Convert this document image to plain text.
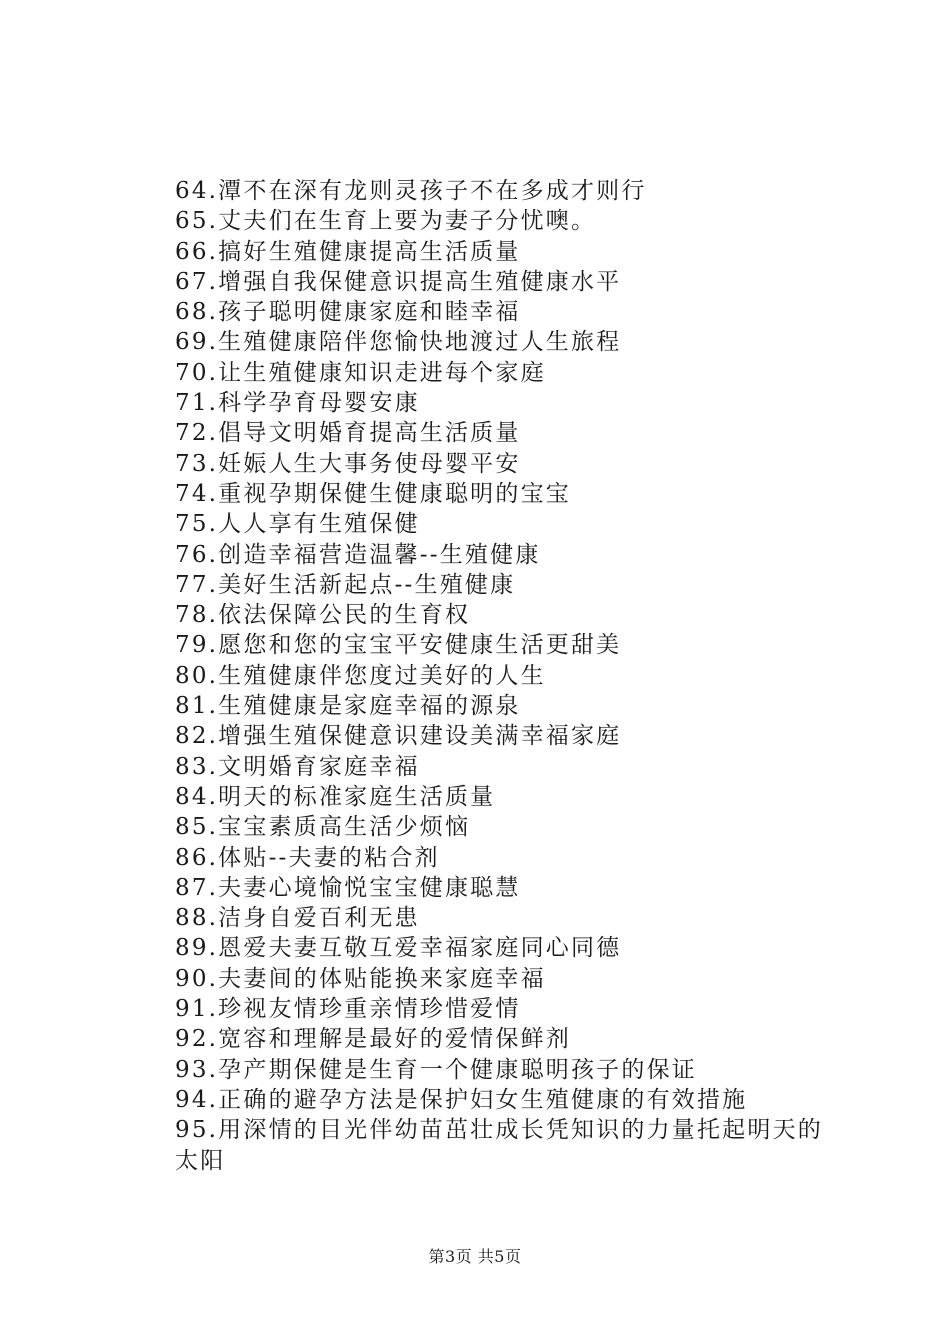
64.潭不在深有龙则灵孩子不在多成才则行
65.丈夫们在生育上要为妻子分忧噢。
66.搞好生殖健康提高生活质量
67.增强自我保健意识提高生殖健康水平
68.孩子聪明健康家庭和睦幸福
69.生殖健康陪伴您愉快地渡过人生旅程
70.让生殖健康知识走进每个家庭
71.科学孕育母婴安康
72.倡导文明婚育提高生活质量
73.妊娠人生大事务使母婴平安
74.重视孕期保健生健康聪明的宝宝
75.人人享有生殖保健
76.创造幸福营造温馨--生殖健康
77.美好生活新起点--生殖健康
78.依法保障公民的生育权
79.愿您和您的宝宝平安健康生活更甜美
80.生殖健康伴您度过美好的人生
81.生殖健康是家庭幸福的源泉
82.增强生殖保健意识建设美满幸福家庭
83.文明婚育家庭幸福
84.明天的标准家庭生活质量
85.宝宝素质高生活少烦恼
86.体贴--夫妻的粘合剂
87.夫妻心境愉悦宝宝健康聪慧
88.洁身自爱百利无患
89.恩爱夫妻互敬互爱幸福家庭同心同德
90.夫妻间的体贴能换来家庭幸福
91.珍视友情珍重亲情珍惜爱情
92.宽容和理解是最好的爱情保鲜剂
93.孕产期保健是生育一个健康聪明孩子的保证
94.正确的避孕方法是保护妇女生殖健康的有效措施
95.用深情的目光伴幼苗茁壮成长凭知识的力量托起明天的太阳
第3页 共5页
